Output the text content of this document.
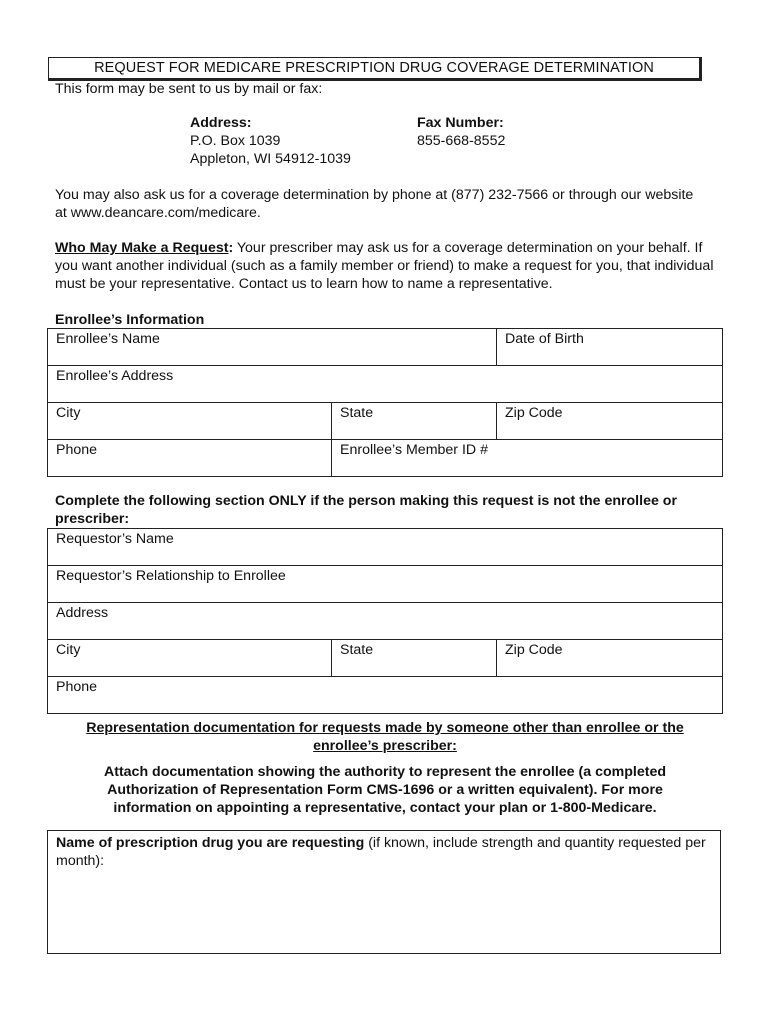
REQUEST FOR MEDICARE PRESCRIPTION DRUG COVERAGE DETERMINATION
This form may be sent to us by mail or fax:
Address:
P.O. Box 1039
Appleton, WI 54912-1039
Fax Number:
855-668-8552
You may also ask us for a coverage determination by phone at (877) 232-7566 or through our website at www.deancare.com/medicare.
Who May Make a Request: Your prescriber may ask us for a coverage determination on your behalf. If you want another individual (such as a family member or friend) to make a request for you, that individual must be your representative. Contact us to learn how to name a representative.
Enrollee’s Information
Enrollee’s Name	Date of Birth
Enrollee’s Address
City	State	Zip Code
Phone	Enrollee’s Member ID #
Complete the following section ONLY if the person making this request is not the enrollee or prescriber:
Requestor’s Name
Requestor’s Relationship to Enrollee
Address
City	State	Zip Code
Phone
Representation documentation for requests made by someone other than enrollee or the enrollee’s prescriber:
Attach documentation showing the authority to represent the enrollee (a completed Authorization of Representation Form CMS-1696 or a written equivalent). For more information on appointing a representative, contact your plan or 1-800-Medicare.
Name of prescription drug you are requesting (if known, include strength and quantity requested per month):
